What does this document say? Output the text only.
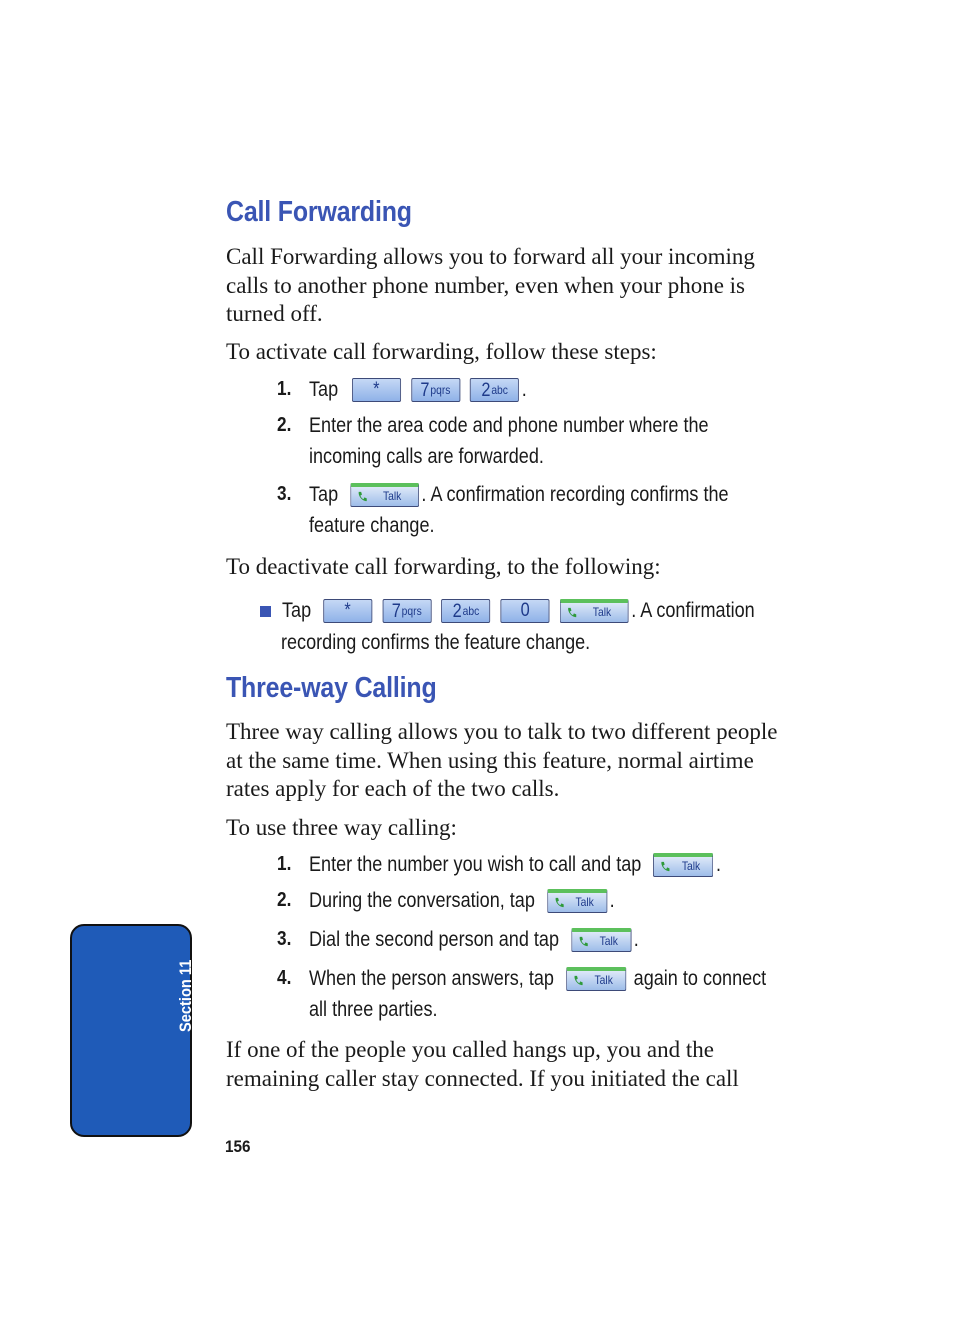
Call Forwarding

Call Forwarding allows you to forward all your incoming calls to another phone number, even when your phone is turned off.

To activate call forwarding, follow these steps:

1. Tap * $7_{pqrs}$ $2_{abc}$ .
2. Enter the area code and phone number where the
incoming calls are forwarded.
3. Tap	Talk . A confirmation recording confirms the
feature change.

To deactivate call forwarding, to the following:

Tap * $7_{pqrs}$ $2_{abc}$ 0	Talk . A confirmation
recording confirms the feature change.
Three-way Calling

Three way calling allows you to talk to two different people at the same time. When using this feature, normal airtime rates apply for each of the two calls.

To use three way calling:

1. Enter the number you wish to call and tap	Talk .
2. During the conversation, tap	Talk .
3. Dial the second person and tap	Talk .
4. When the person answers, tap	Talk again to connect
all three parties.

If one of the people you called hangs up, you and the remaining caller stay connected. If you initiated the call

Section 11
156
